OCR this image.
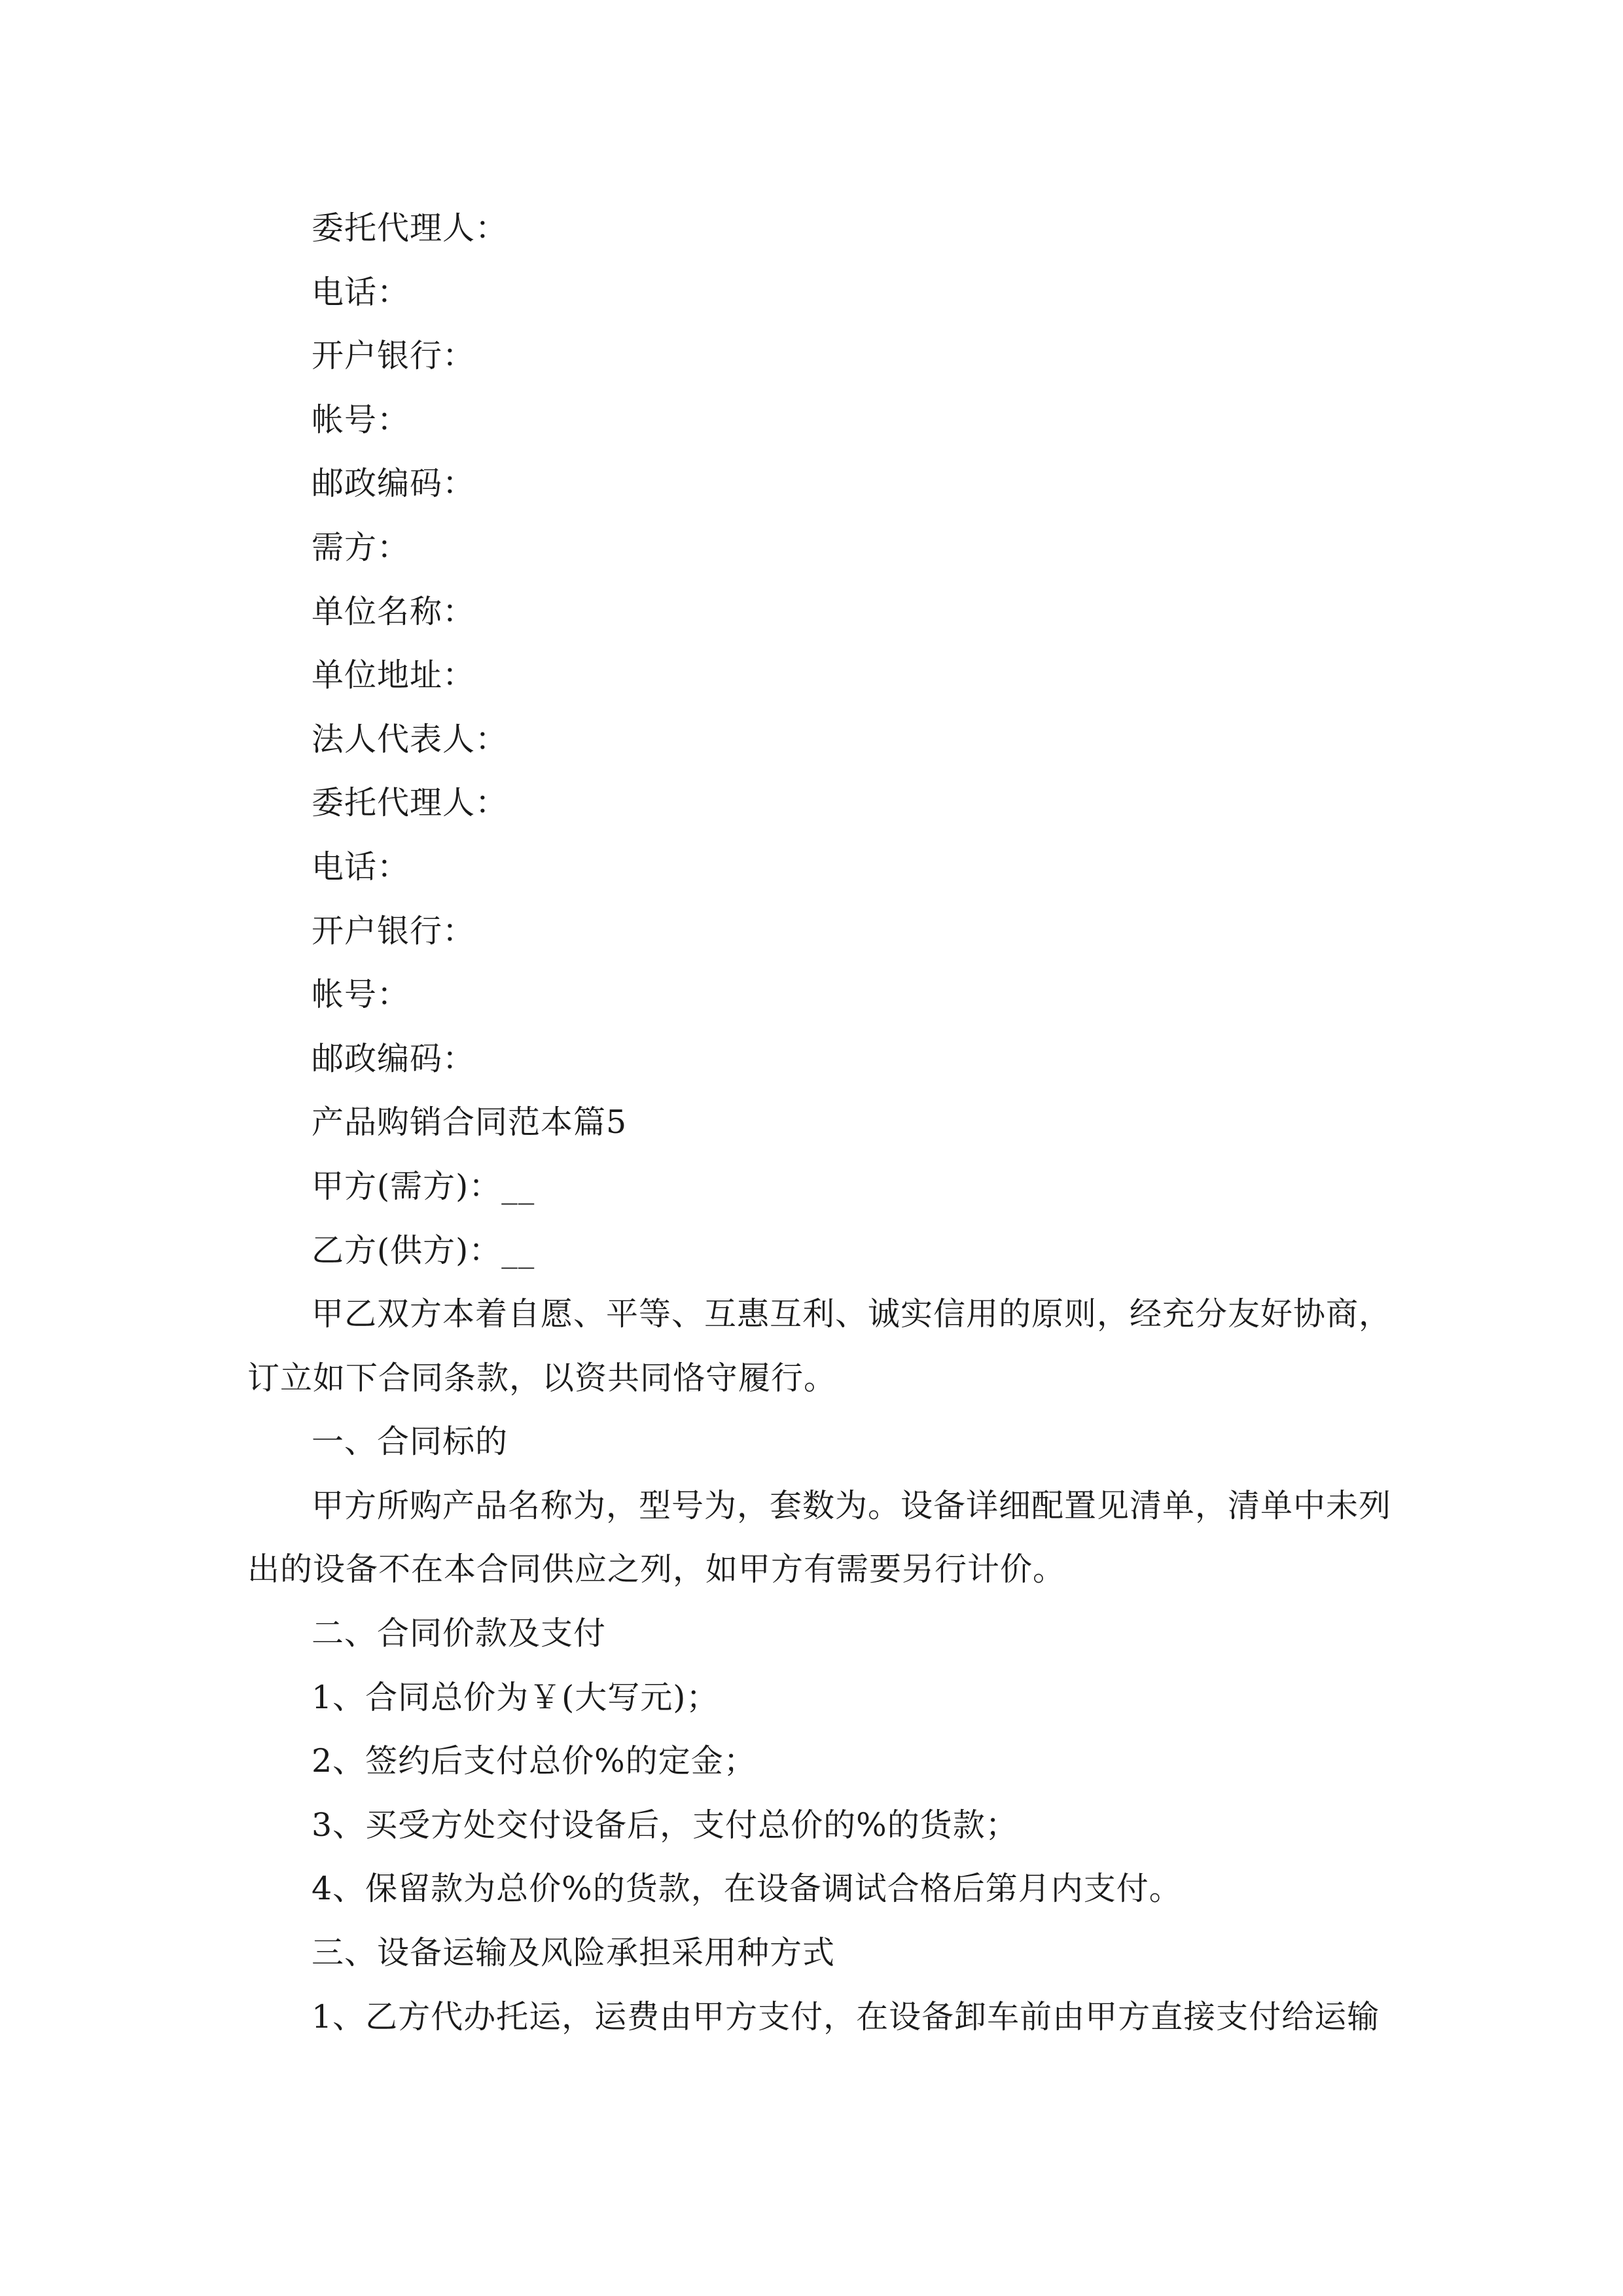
委托代理人：
电话：
开户银行：
帐号：
邮政编码：
需方：
单位名称：
单位地址：
法人代表人：
委托代理人：
电话：
开户银行：
帐号：
邮政编码：
产品购销合同范本篇5
甲方(需方)：__
乙方(供方)：__
甲乙双方本着自愿、平等、互惠互利、诚实信用的原则，经充分友好协商，
订立如下合同条款，以资共同恪守履行。
一、合同标的
甲方所购产品名称为，型号为，套数为。设备详细配置见清单，清单中未列
出的设备不在本合同供应之列，如甲方有需要另行计价。
二、合同价款及支付
1、合同总价为￥(大写元)；
2、签约后支付总价%的定金；
3、买受方处交付设备后，支付总价的%的货款；
4、保留款为总价%的货款，在设备调试合格后第月内支付。
三、设备运输及风险承担采用种方式
1、乙方代办托运，运费由甲方支付，在设备卸车前由甲方直接支付给运输
